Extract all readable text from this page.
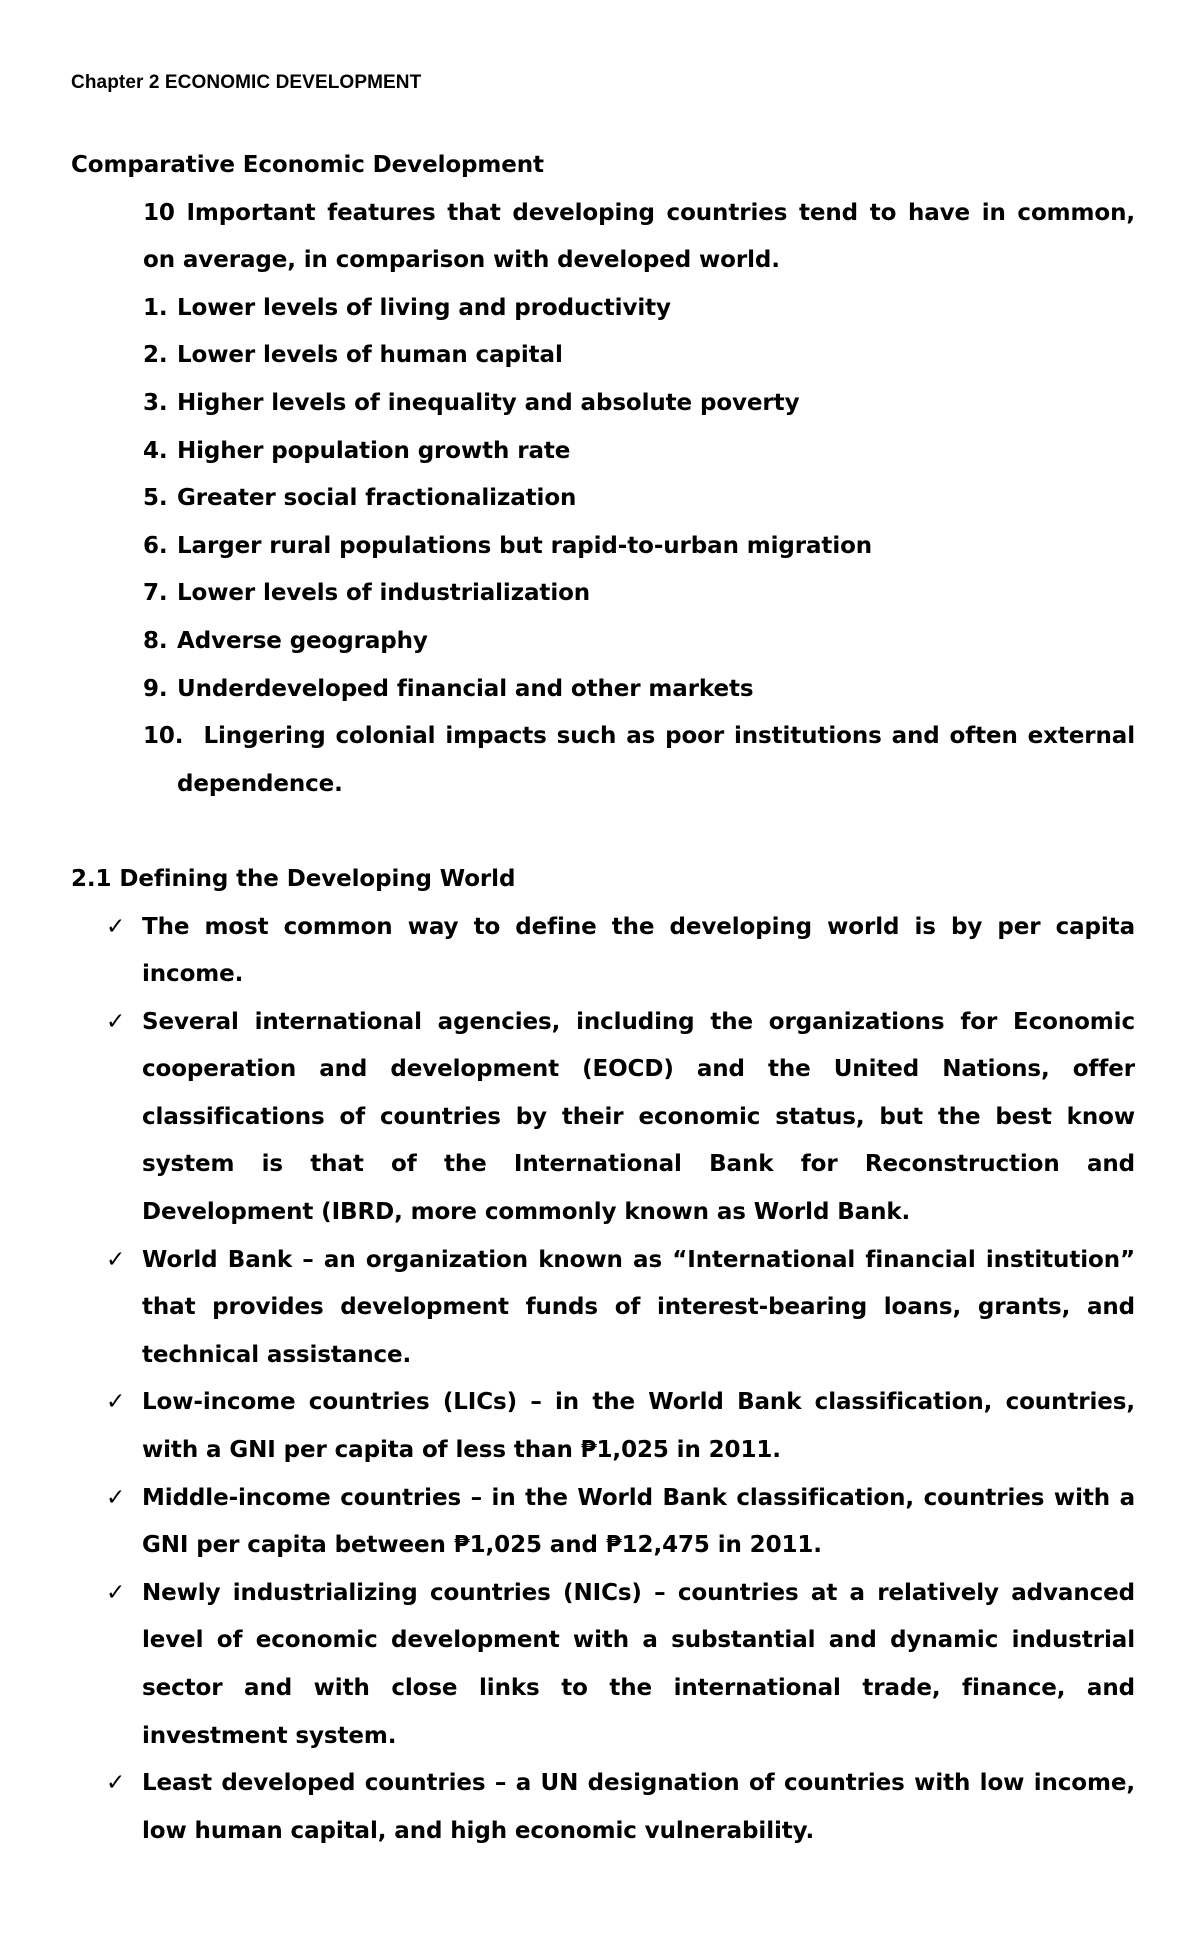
Chapter 2 ECONOMIC DEVELOPMENT
Comparative Economic Development

10 Important features that developing countries tend to have in common, on average, in comparison with developed world.

1. Lower levels of living and productivity
2. Lower levels of human capital
3. Higher levels of inequality and absolute poverty
4. Higher population growth rate
5. Greater social fractionalization
6. Larger rural populations but rapid-to-urban migration
7. Lower levels of industrialization
8. Adverse geography
9. Underdeveloped financial and other markets
10. Lingering colonial impacts such as poor institutions and often external dependence.
2.1 Defining the Developing World
✓ The most common way to define the developing world is by per capita income.
✓ Several international agencies, including the organizations for Economic cooperation and development (EOCD) and the United Nations, offer classifications of countries by their economic status, but the best know system is that of the International Bank for Reconstruction and Development (IBRD, more commonly known as World Bank.
✓ World Bank – an organization known as “International financial institution” that provides development funds of interest-bearing loans, grants, and technical assistance.
✓ Low-income countries (LICs) – in the World Bank classification, countries, with a GNI per capita of less than ₱1,025 in 2011.
✓ Middle-income countries – in the World Bank classification, countries with a GNI per capita between ₱1,025 and ₱12,475 in 2011.
✓ Newly industrializing countries (NICs) – countries at a relatively advanced level of economic development with a substantial and dynamic industrial sector and with close links to the international trade, finance, and investment system.
✓ Least developed countries – a UN designation of countries with low income, low human capital, and high economic vulnerability.
